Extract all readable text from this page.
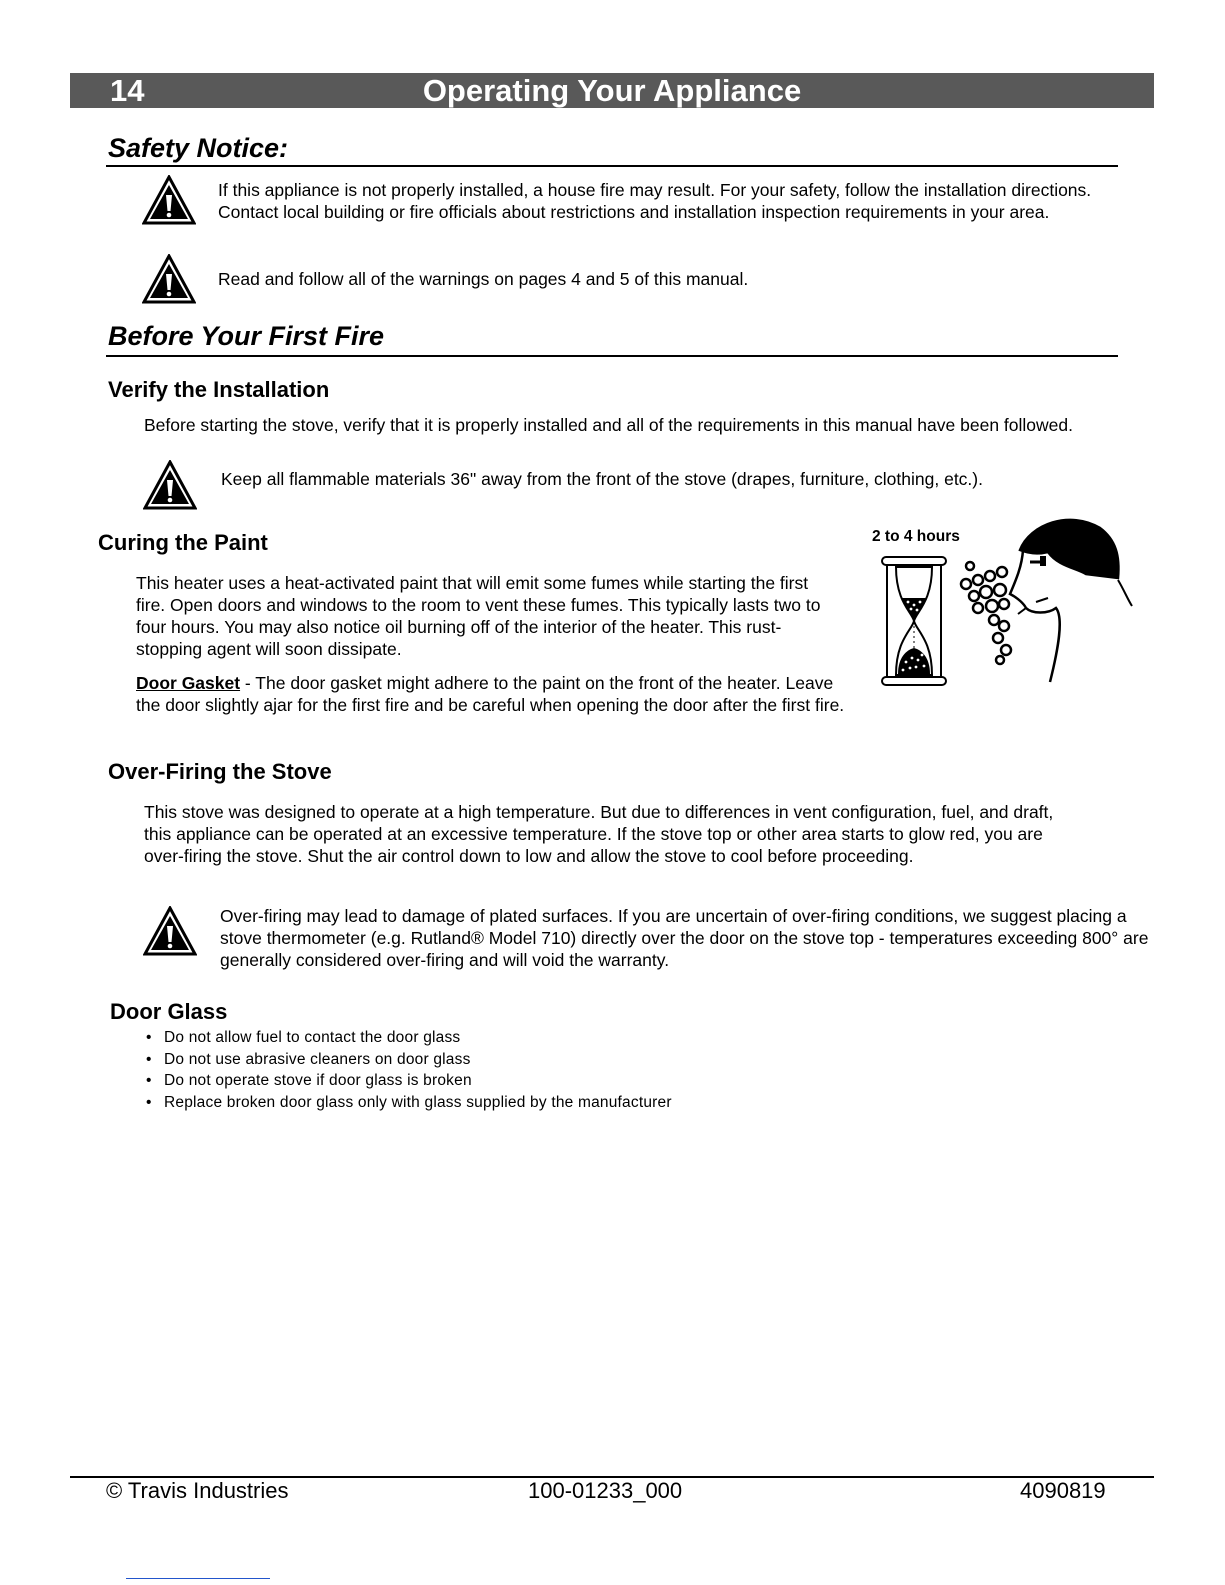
14	Operating Your Appliance
Safety Notice:
If this appliance is not properly installed, a house fire may result. For your safety, follow the installation directions. Contact local building or fire officials about restrictions and installation inspection requirements in your area.
Read and follow all of the warnings on pages 4 and 5 of this manual.
Before Your First Fire
Verify the Installation
Before starting the stove, verify that it is properly installed and all of the requirements in this manual have been followed.
Keep all flammable materials 36" away from the front of the stove (drapes, furniture, clothing, etc.).
Curing the Paint
This heater uses a heat-activated paint that will emit some fumes while starting the first fire. Open doors and windows to the room to vent these fumes. This typically lasts two to four hours. You may also notice oil burning off of the interior of the heater. This rust-stopping agent will soon dissipate.
Door Gasket - The door gasket might adhere to the paint on the front of the heater. Leave the door slightly ajar for the first fire and be careful when opening the door after the first fire.
2 to 4 hours
Over-Firing the Stove
This stove was designed to operate at a high temperature. But due to differences in vent configuration, fuel, and draft, this appliance can be operated at an excessive temperature. If the stove top or other area starts to glow red, you are over-firing the stove. Shut the air control down to low and allow the stove to cool before proceeding.
Over-firing may lead to damage of plated surfaces. If you are uncertain of over-firing conditions, we suggest placing a stove thermometer (e.g. Rutland® Model 710) directly over the door on the stove top - temperatures exceeding 800° are generally considered over-firing and will void the warranty.
Door Glass
• Do not allow fuel to contact the door glass
• Do not use abrasive cleaners on door glass
• Do not operate stove if door glass is broken
• Replace broken door glass only with glass supplied by the manufacturer
© Travis Industries	100-01233_000	4090819
